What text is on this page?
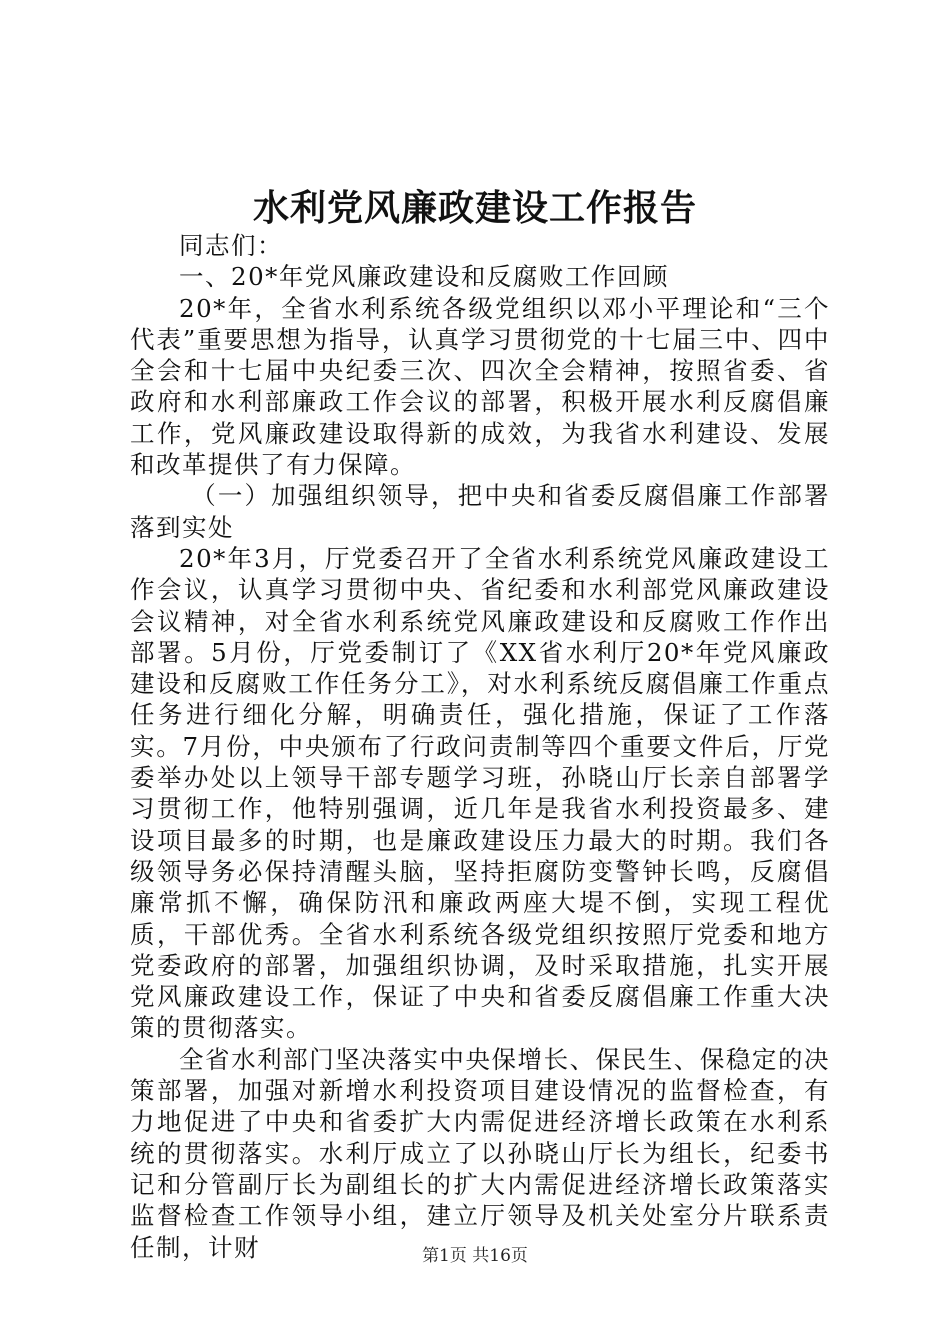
水利党风廉政建设工作报告

同志们：

一、20*年党风廉政建设和反腐败工作回顾

20*年，全省水利系统各级党组织以邓小平理论和“三个代表”重要思想为指导，认真学习贯彻党的十七届三中、四中全会和十七届中央纪委三次、四次全会精神，按照省委、省政府和水利部廉政工作会议的部署，积极开展水利反腐倡廉工作，党风廉政建设取得新的成效，为我省水利建设、发展和改革提供了有力保障。

（一）加强组织领导，把中央和省委反腐倡廉工作部署落到实处

20*年3月，厅党委召开了全省水利系统党风廉政建设工作会议，认真学习贯彻中央、省纪委和水利部党风廉政建设会议精神，对全省水利系统党风廉政建设和反腐败工作作出部署。5月份，厅党委制订了《XX省水利厅20*年党风廉政建设和反腐败工作任务分工》，对水利系统反腐倡廉工作重点任务进行细化分解，明确责任，强化措施，保证了工作落实。7月份，中央颁布了行政问责制等四个重要文件后，厅党委举办处以上领导干部专题学习班，孙晓山厅长亲自部署学习贯彻工作，他特别强调，近几年是我省水利投资最多、建设项目最多的时期，也是廉政建设压力最大的时期。我们各级领导务必保持清醒头脑，坚持拒腐防变警钟长鸣，反腐倡廉常抓不懈，确保防汛和廉政两座大堤不倒，实现工程优质，干部优秀。全省水利系统各级党组织按照厅党委和地方党委政府的部署，加强组织协调，及时采取措施，扎实开展党风廉政建设工作，保证了中央和省委反腐倡廉工作重大决策的贯彻落实。

全省水利部门坚决落实中央保增长、保民生、保稳定的决策部署，加强对新增水利投资项目建设情况的监督检查，有力地促进了中央和省委扩大内需促进经济增长政策在水利系统的贯彻落实。水利厅成立了以孙晓山厅长为组长，纪委书记和分管副厅长为副组长的扩大内需促进经济增长政策落实监督检查工作领导小组，建立厅领导及机关处室分片联系责任制，计财	第1页 共16页
